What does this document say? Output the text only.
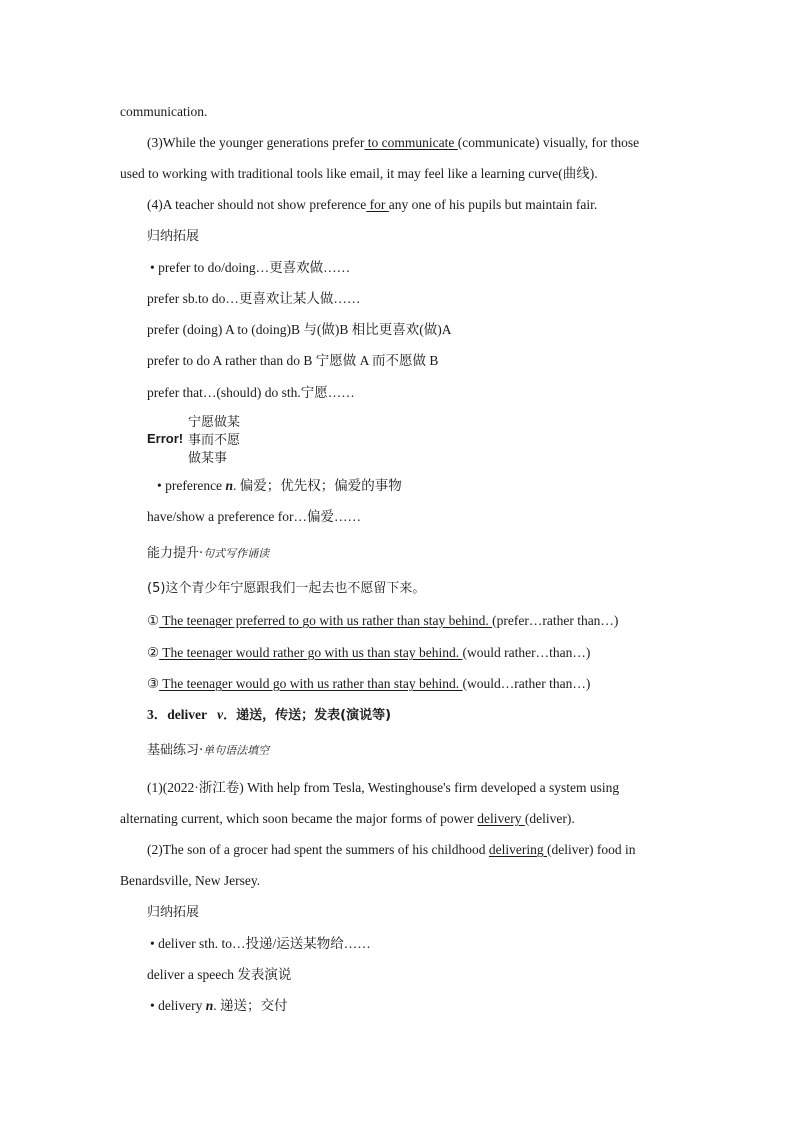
communication.
(3)While the younger generations prefer to communicate (communicate) visually, for those
used to working with traditional tools like email, it may feel like a learning curve(曲线).
(4)A teacher should not show preference for any one of his pupils but maintain fair.
归纳拓展
• prefer to do/doing…更喜欢做……
prefer sb.to do…更喜欢让某人做……
prefer (doing) A to (doing)B 与(做)B 相比更喜欢(做)A
prefer to do A rather than do B 宁愿做 A 而不愿做 B
prefer that…(should) do sth.宁愿……
Error!
宁愿做某
事而不愿
做某事
• preference n. 偏爱；优先权；偏爱的事物
have/show a preference for…偏爱……
能力提升·句式写作诵读
(5)这个青少年宁愿跟我们一起去也不愿留下来。
① The teenager preferred to go with us rather than stay behind. (prefer…rather than…)
② The teenager would rather go with us than stay behind. (would rather…than…)
③ The teenager would go with us rather than stay behind. (would…rather than…)
3．deliver v．递送，传送；发表(演说等)
基础练习·单句语法填空
(1)(2022·浙江卷) With help from Tesla, Westinghouse's firm developed a system using
alternating current, which soon became the major forms of power delivery (deliver).
(2)The son of a grocer had spent the summers of his childhood delivering (deliver) food in
Benardsville, New Jersey.
归纳拓展
• deliver sth. to…投递/运送某物给……
deliver a speech 发表演说
• delivery n. 递送；交付
